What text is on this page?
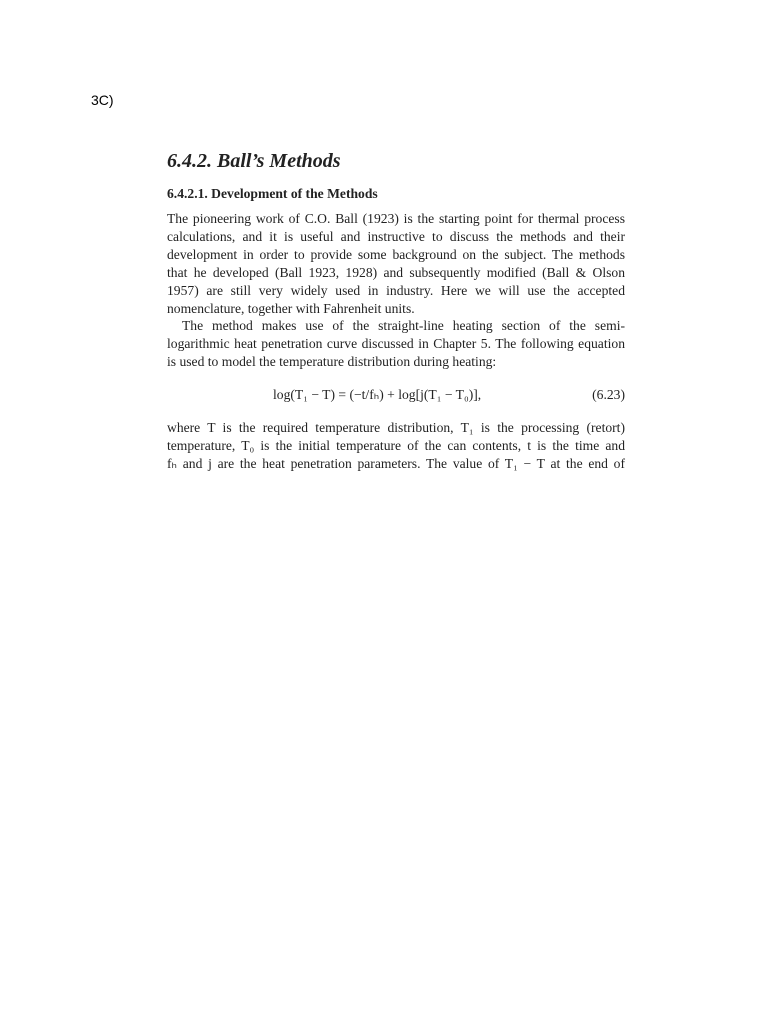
3C)
6.4.2. Ball’s Methods
6.4.2.1. Development of the Methods

The pioneering work of C.O. Ball (1923) is the starting point for thermal process
calculations, and it is useful and instructive to discuss the methods and their
development in order to provide some background on the subject. The methods
that he developed (Ball 1923, 1928) and subsequently modified (Ball & Olson
1957) are still very widely used in industry. Here we will use the accepted
nomenclature, together with Fahrenheit units.

The method makes use of the straight-line heating section of the semi-
logarithmic heat penetration curve discussed in Chapter 5. The following equation
is used to model the temperature distribution during heating:

log(T₁ − T) = (−t/fₕ) + log[j(T₁ − T₀)],	(6.23)

where T is the required temperature distribution, T₁ is the processing (retort)
temperature, T₀ is the initial temperature of the can contents, t is the time and
fₕ and j are the heat penetration parameters. The value of T₁ − T at the end of
